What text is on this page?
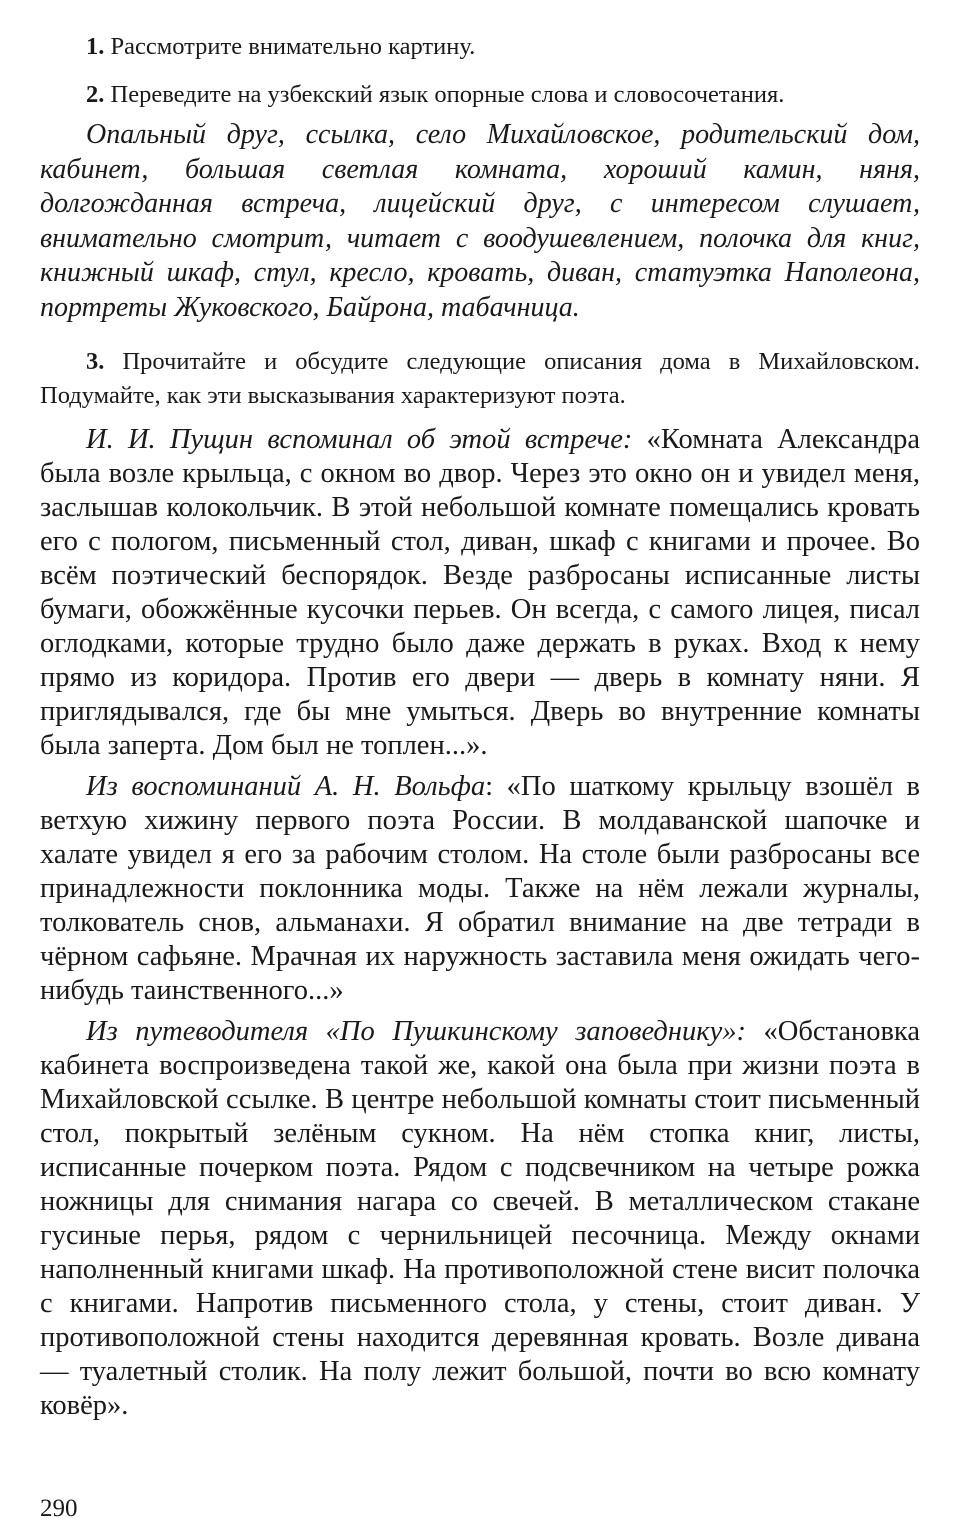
1. Рассмотрите внимательно картину.

2. Переведите на узбекский язык опорные слова и словосочетания.

Опальный друг, ссылка, село Михайловское, родительский дом, кабинет, большая светлая комната, хороший камин, няня, долгожданная встреча, лицейский друг, с интересом слушает, внимательно смотрит, читает с воодушевлением, полочка для книг, книжный шкаф, стул, кресло, кровать, диван, статуэтка Наполеона, портреты Жуковского, Байрона, табачница.

3. Прочитайте и обсудите следующие описания дома в Михайловском. Подумайте, как эти высказывания характеризуют поэта.

И. И. Пущин вспоминал об этой встрече: «Комната Александра была возле крыльца, с окном во двор. Через это окно он и увидел меня, заслышав колокольчик. В этой небольшой комнате помещались кровать его с пологом, письменный стол, диван, шкаф с книгами и прочее. Во всём поэтический беспорядок. Везде разбросаны исписанные листы бумаги, обожжённые кусочки перьев. Он всегда, с самого лицея, писал оглодками, которые трудно было даже держать в руках. Вход к нему прямо из коридора. Против его двери — дверь в комнату няни. Я приглядывался, где бы мне умыться. Дверь во внутренние комнаты была заперта. Дом был не топлен...».

Из воспоминаний А. Н. Вольфа: «По шаткому крыльцу взошёл в ветхую хижину первого поэта России. В молдаванской шапочке и халате увидел я его за рабочим столом. На столе были разбросаны все принадлежности поклонника моды. Также на нём лежали журналы, толкователь снов, альманахи. Я обратил внимание на две тетради в чёрном сафьяне. Мрачная их наружность заставила меня ожидать чего-нибудь таинственного...»

Из путеводителя «По Пушкинскому заповеднику»: «Обстановка кабинета воспроизведена такой же, какой она была при жизни поэта в Михайловской ссылке. В центре небольшой комнаты стоит письменный стол, покрытый зелёным сукном. На нём стопка книг, листы, исписанные почерком поэта. Рядом с подсвечником на четыре рожка ножницы для снимания нагара со свечей. В металлическом стакане гусиные перья, рядом с чернильницей песочница. Между окнами наполненный книгами шкаф. На противоположной стене висит полочка с книгами. Напротив письменного стола, у стены, стоит диван. У противоположной стены находится деревянная кровать. Возле дивана — туалетный столик. На полу лежит большой, почти во всю комнату ковёр».

290
